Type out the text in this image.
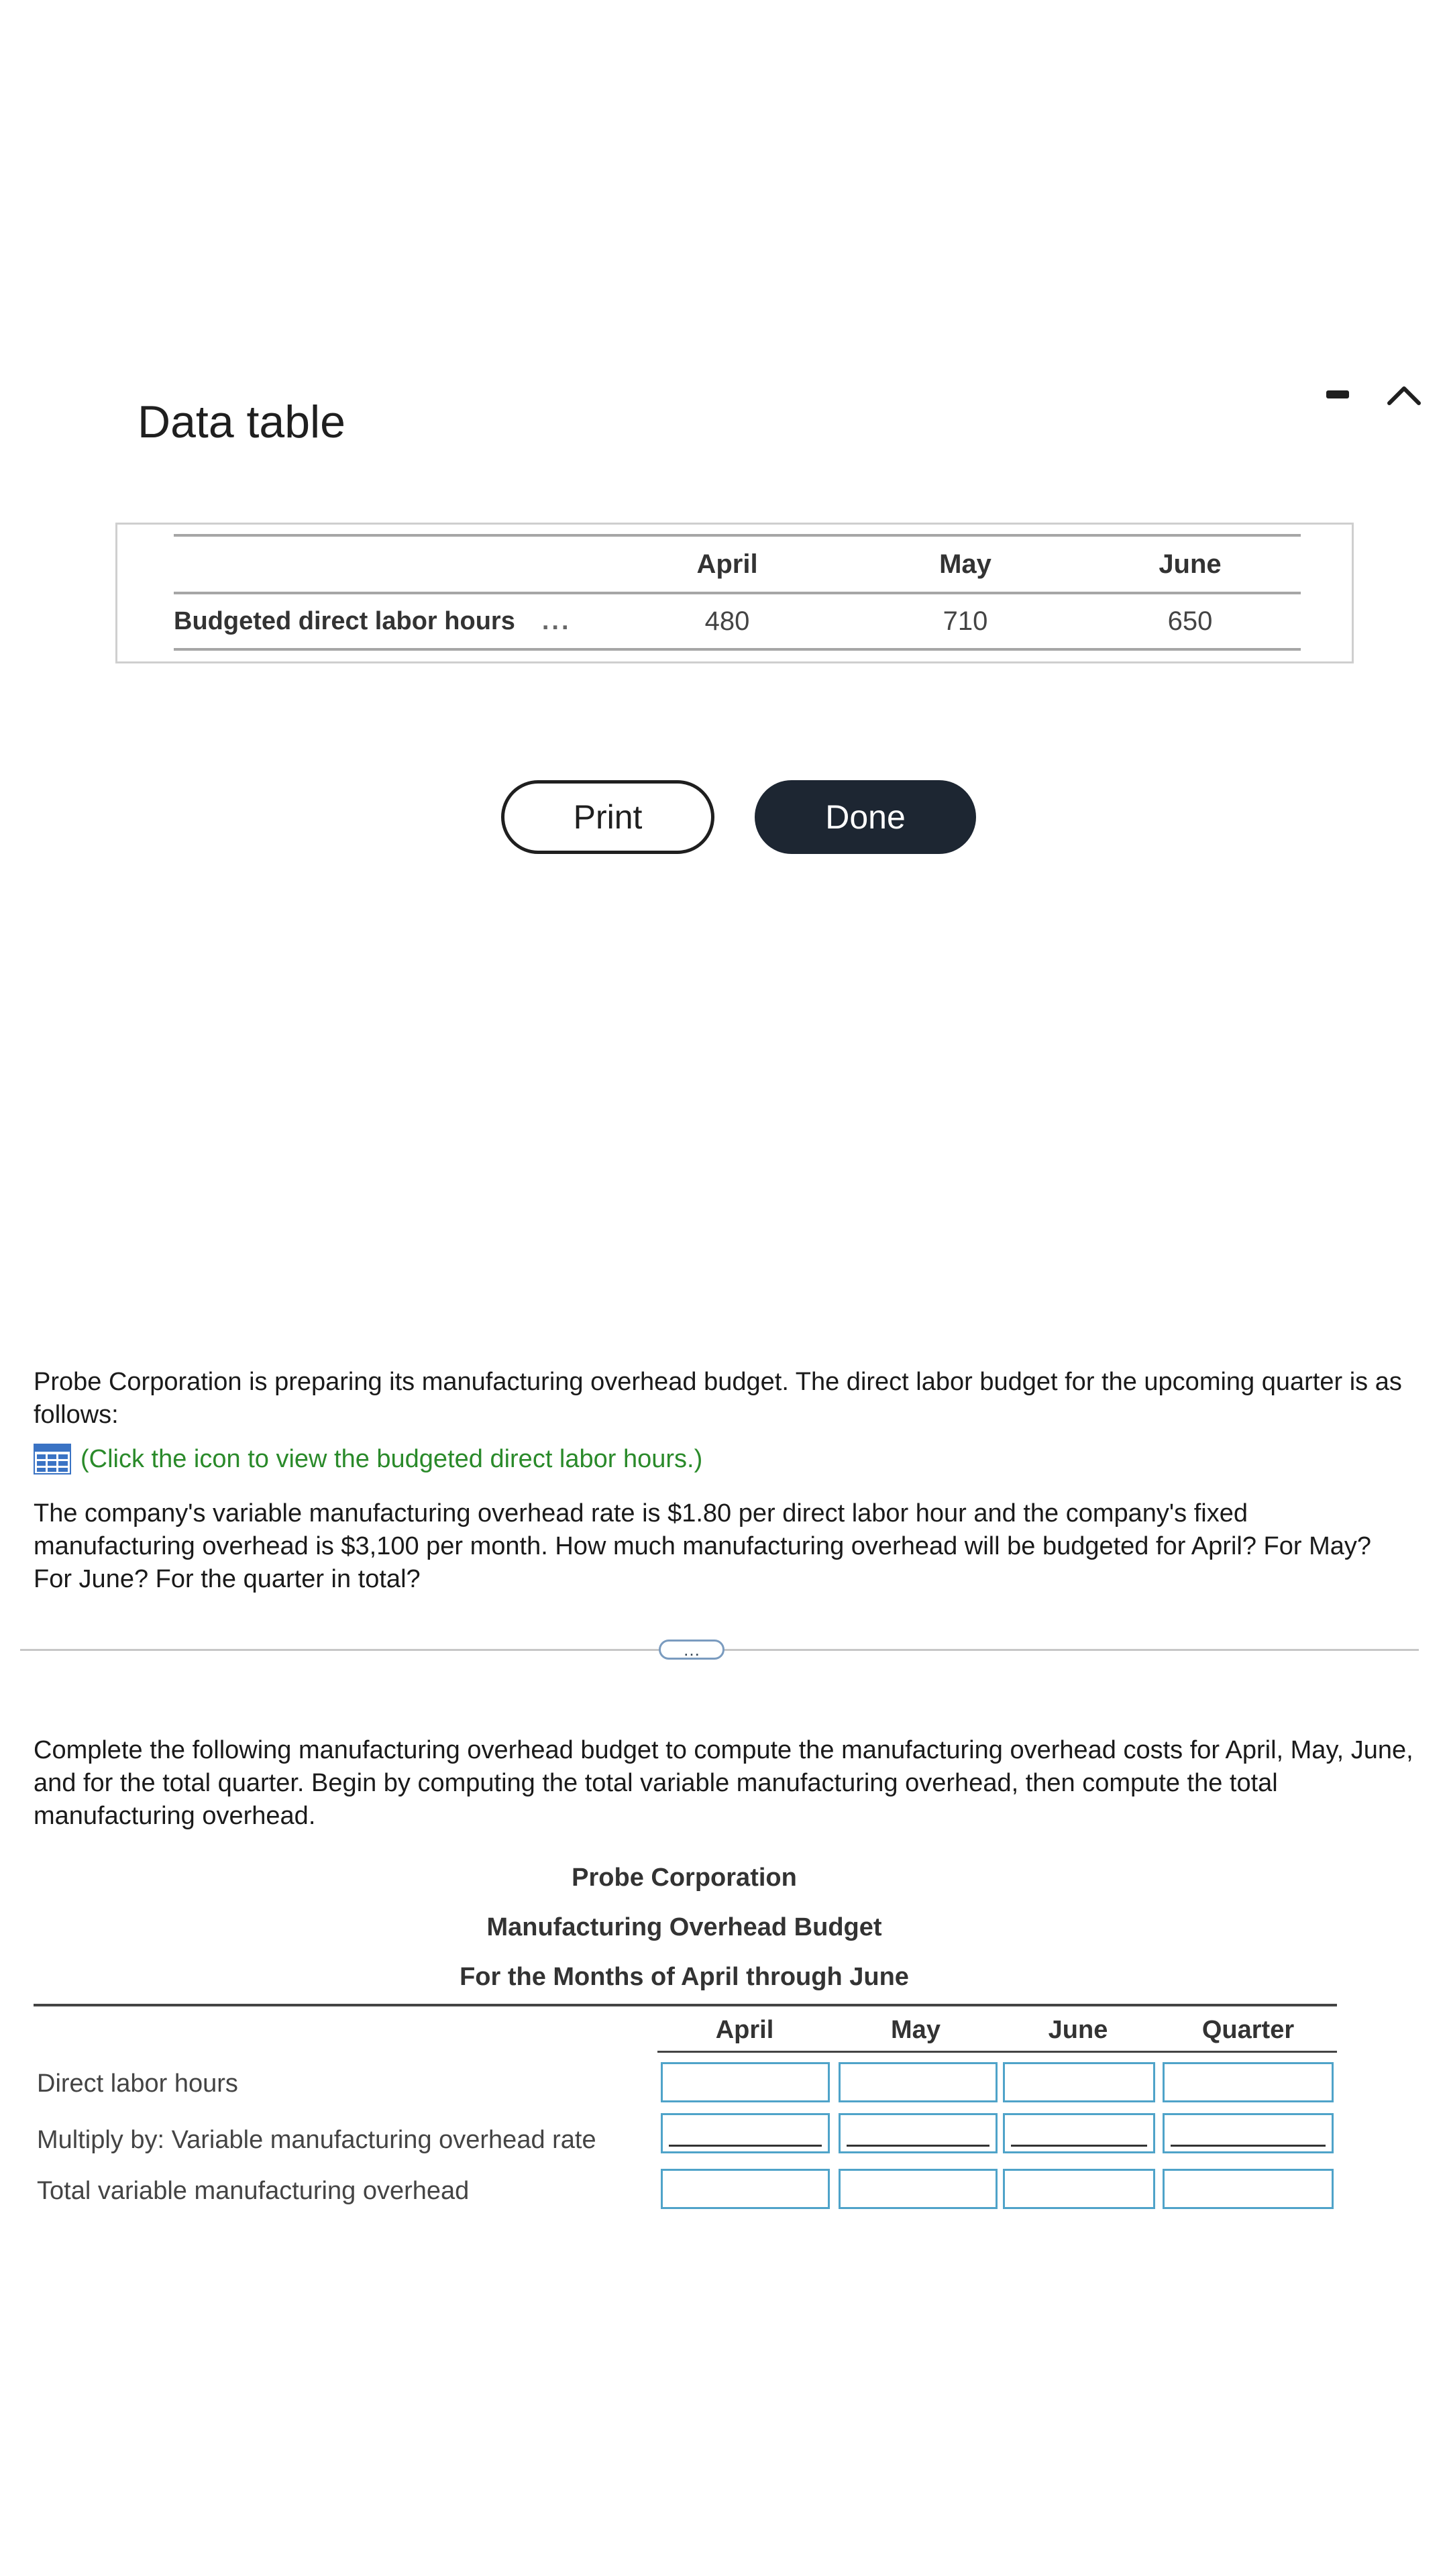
Data table
	April	May	June
Budgeted direct labor hours ...	480	710	650
Print	Done

Probe Corporation is preparing its manufacturing overhead budget. The direct labor budget for the upcoming quarter is as follows:

(Click the icon to view the budgeted direct labor hours.)

The company's variable manufacturing overhead rate is $1.80 per direct labor hour and the company's fixed manufacturing overhead is $3,100 per month. How much manufacturing overhead will be budgeted for April? For May? For June? For the quarter in total?

…

Complete the following manufacturing overhead budget to compute the manufacturing overhead costs for April, May, June, and for the total quarter. Begin by computing the total variable manufacturing overhead, then compute the total manufacturing overhead.

Probe Corporation
Manufacturing Overhead Budget
For the Months of April through June
April	May	June	Quarter
Direct labor hours
Multiply by: Variable manufacturing overhead rate
Total variable manufacturing overhead
